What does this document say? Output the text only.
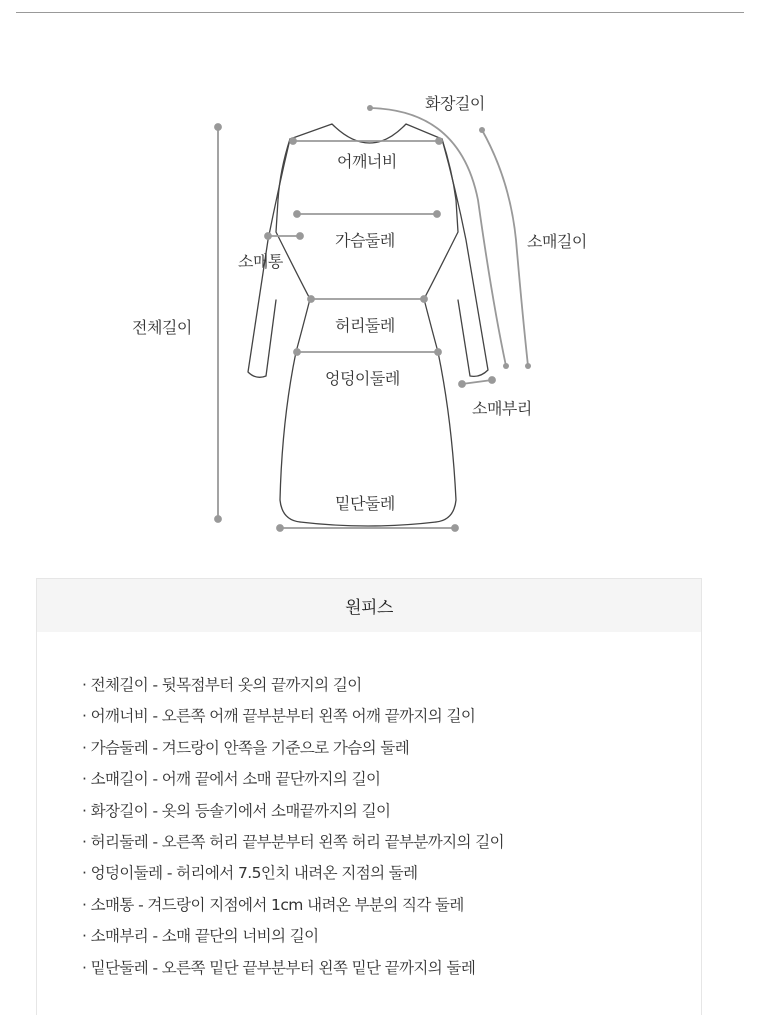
어깨너비
가슴둘레
허리둘레
엉덩이둘레
밑단둘레
전체길이
화장길이
소매길이
소매통
소매부리
원피스
· 전체길이 - 뒷목점부터 옷의 끝까지의 길이
· 어깨너비 - 오른쪽 어깨 끝부분부터 왼쪽 어깨 끝까지의 길이
· 가슴둘레 - 겨드랑이 안쪽을 기준으로 가슴의 둘레
· 소매길이 - 어깨 끝에서 소매 끝단까지의 길이
· 화장길이 - 옷의 등솔기에서 소매끝까지의 길이
· 허리둘레 - 오른쪽 허리 끝부분부터 왼쪽 허리 끝부분까지의 길이
· 엉덩이둘레 - 허리에서 7.5인치 내려온 지점의 둘레
· 소매통 - 겨드랑이 지점에서 1cm 내려온 부분의 직각 둘레
· 소매부리 - 소매 끝단의 너비의 길이
· 밑단둘레 - 오른쪽 밑단 끝부분부터 왼쪽 밑단 끝까지의 둘레
